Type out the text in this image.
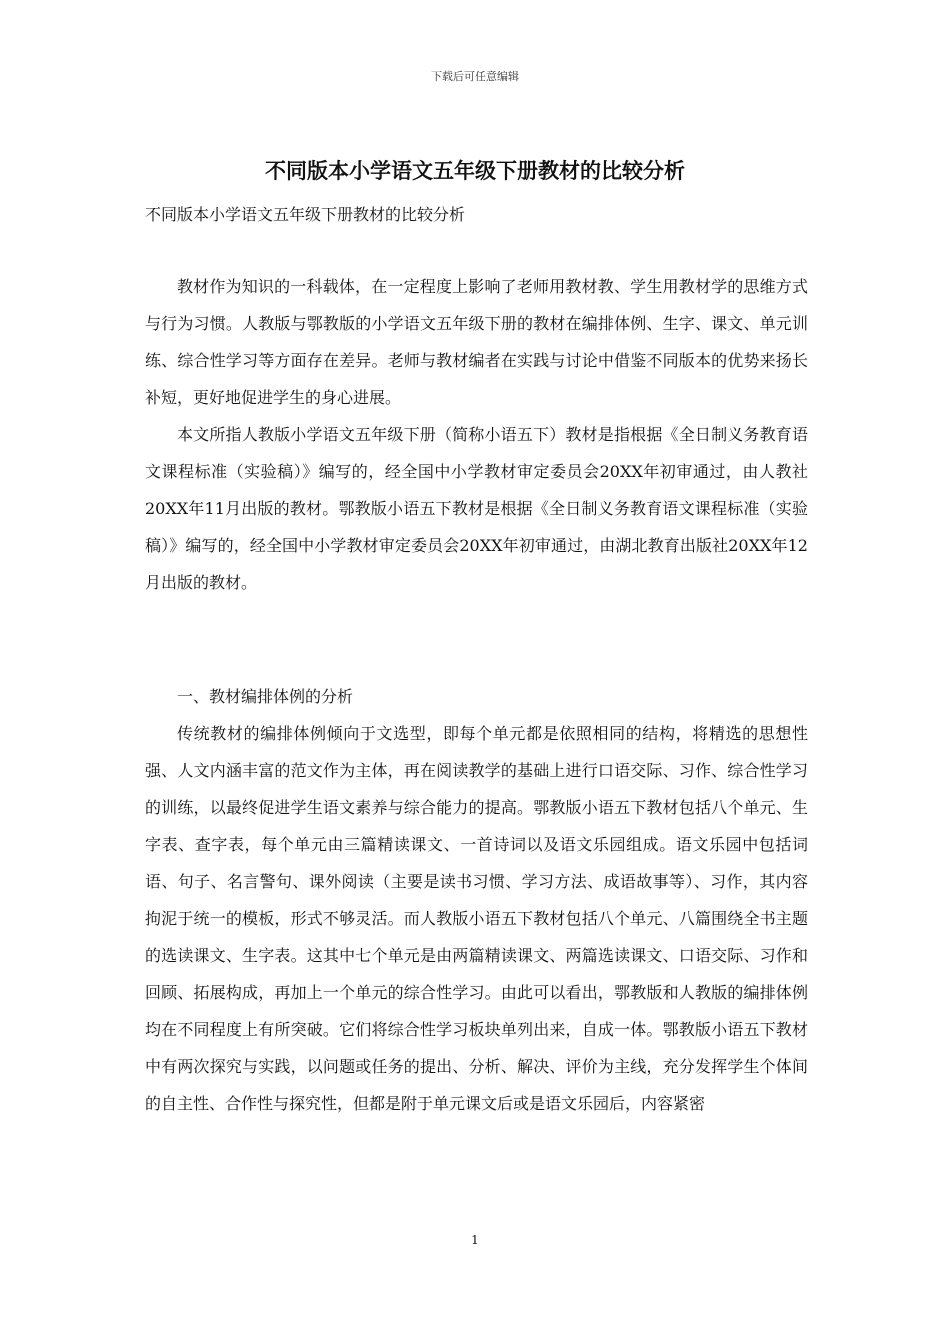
下载后可任意编辑
不同版本小学语文五年级下册教材的比较分析
不同版本小学语文五年级下册教材的比较分析

教材作为知识的一科载体，在一定程度上影响了老师用教材教、学生用教材学的思维方式与行为习惯。人教版与鄂教版的小学语文五年级下册的教材在编排体例、生字、课文、单元训练、综合性学习等方面存在差异。老师与教材编者在实践与讨论中借鉴不同版本的优势来扬长补短，更好地促进学生的身心进展。

本文所指人教版小学语文五年级下册（简称小语五下）教材是指根据《全日制义务教育语文课程标准（实验稿）》编写的，经全国中小学教材审定委员会20XX年初审通过，由人教社20XX年11月出版的教材。鄂教版小语五下教材是根据《全日制义务教育语文课程标准（实验稿）》编写的，经全国中小学教材审定委员会20XX年初审通过，由湖北教育出版社20XX年12月出版的教材。

一、教材编排体例的分析

传统教材的编排体例倾向于文选型，即每个单元都是依照相同的结构，将精选的思想性强、人文内涵丰富的范文作为主体，再在阅读教学的基础上进行口语交际、习作、综合性学习的训练，以最终促进学生语文素养与综合能力的提高。鄂教版小语五下教材包括八个单元、生字表、查字表，每个单元由三篇精读课文、一首诗词以及语文乐园组成。语文乐园中包括词语、句子、名言警句、课外阅读（主要是读书习惯、学习方法、成语故事等）、习作，其内容拘泥于统一的模板，形式不够灵活。而人教版小语五下教材包括八个单元、八篇围绕全书主题的选读课文、生字表。这其中七个单元是由两篇精读课文、两篇选读课文、口语交际、习作和回顾、拓展构成，再加上一个单元的综合性学习。由此可以看出，鄂教版和人教版的编排体例均在不同程度上有所突破。它们将综合性学习板块单列出来，自成一体。鄂教版小语五下教材中有两次探究与实践，以问题或任务的提出、分析、解决、评价为主线，充分发挥学生个体间的自主性、合作性与探究性，但都是附于单元课文后或是语文乐园后，内容紧密

1
